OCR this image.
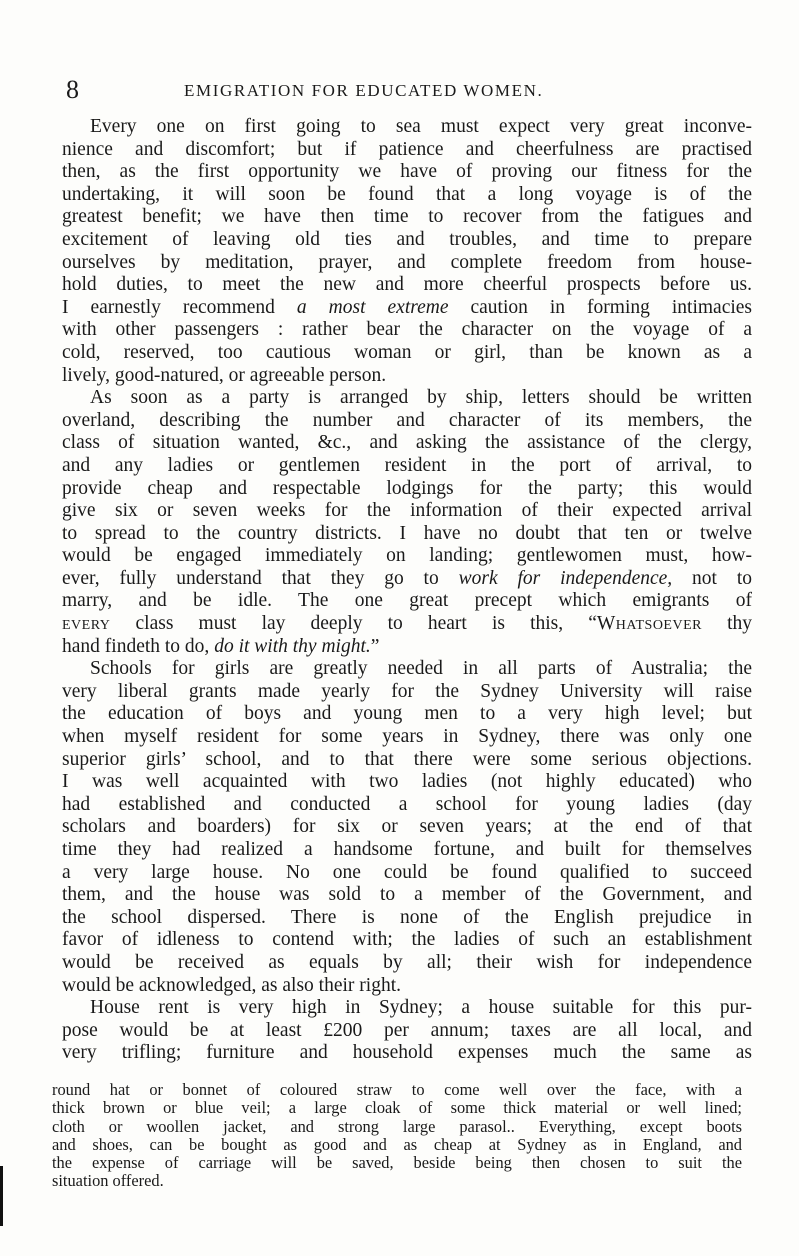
8	EMIGRATION FOR EDUCATED WOMEN.
Every one on first going to sea must expect very great inconve-
nience and discomfort; but if patience and cheerfulness are practised
then, as the first opportunity we have of proving our fitness for the
undertaking, it will soon be found that a long voyage is of the
greatest benefit; we have then time to recover from the fatigues and
excitement of leaving old ties and troubles, and time to prepare
ourselves by meditation, prayer, and complete freedom from house-
hold duties, to meet the new and more cheerful prospects before us.
I earnestly recommend a most extreme caution in forming intimacies
with other passengers : rather bear the character on the voyage of a
cold, reserved, too cautious woman or girl, than be known as a
lively, good-natured, or agreeable person.
As soon as a party is arranged by ship, letters should be written
overland, describing the number and character of its members, the
class of situation wanted, &c., and asking the assistance of the clergy,
and any ladies or gentlemen resident in the port of arrival, to
provide cheap and respectable lodgings for the party; this would
give six or seven weeks for the information of their expected arrival
to spread to the country districts. I have no doubt that ten or twelve
would be engaged immediately on landing; gentlewomen must, how-
ever, fully understand that they go to work for independence, not to
marry, and be idle. The one great precept which emigrants of
every class must lay deeply to heart is this, “Whatsoever thy
hand findeth to do, do it with thy might.”
Schools for girls are greatly needed in all parts of Australia; the
very liberal grants made yearly for the Sydney University will raise
the education of boys and young men to a very high level; but
when myself resident for some years in Sydney, there was only one
superior girls’ school, and to that there were some serious objections.
I was well acquainted with two ladies (not highly educated) who
had established and conducted a school for young ladies (day
scholars and boarders) for six or seven years; at the end of that
time they had realized a handsome fortune, and built for themselves
a very large house. No one could be found qualified to succeed
them, and the house was sold to a member of the Government, and
the school dispersed. There is none of the English prejudice in
favor of idleness to contend with; the ladies of such an establishment
would be received as equals by all; their wish for independence
would be acknowledged, as also their right.
House rent is very high in Sydney; a house suitable for this pur-
pose would be at least £200 per annum; taxes are all local, and
very trifling; furniture and household expenses much the same as
round hat or bonnet of coloured straw to come well over the face, with a
thick brown or blue veil; a large cloak of some thick material or well lined;
cloth or woollen jacket, and strong large parasol.. Everything, except boots
and shoes, can be bought as good and as cheap at Sydney as in England, and
the expense of carriage will be saved, beside being then chosen to suit the
situation offered.
